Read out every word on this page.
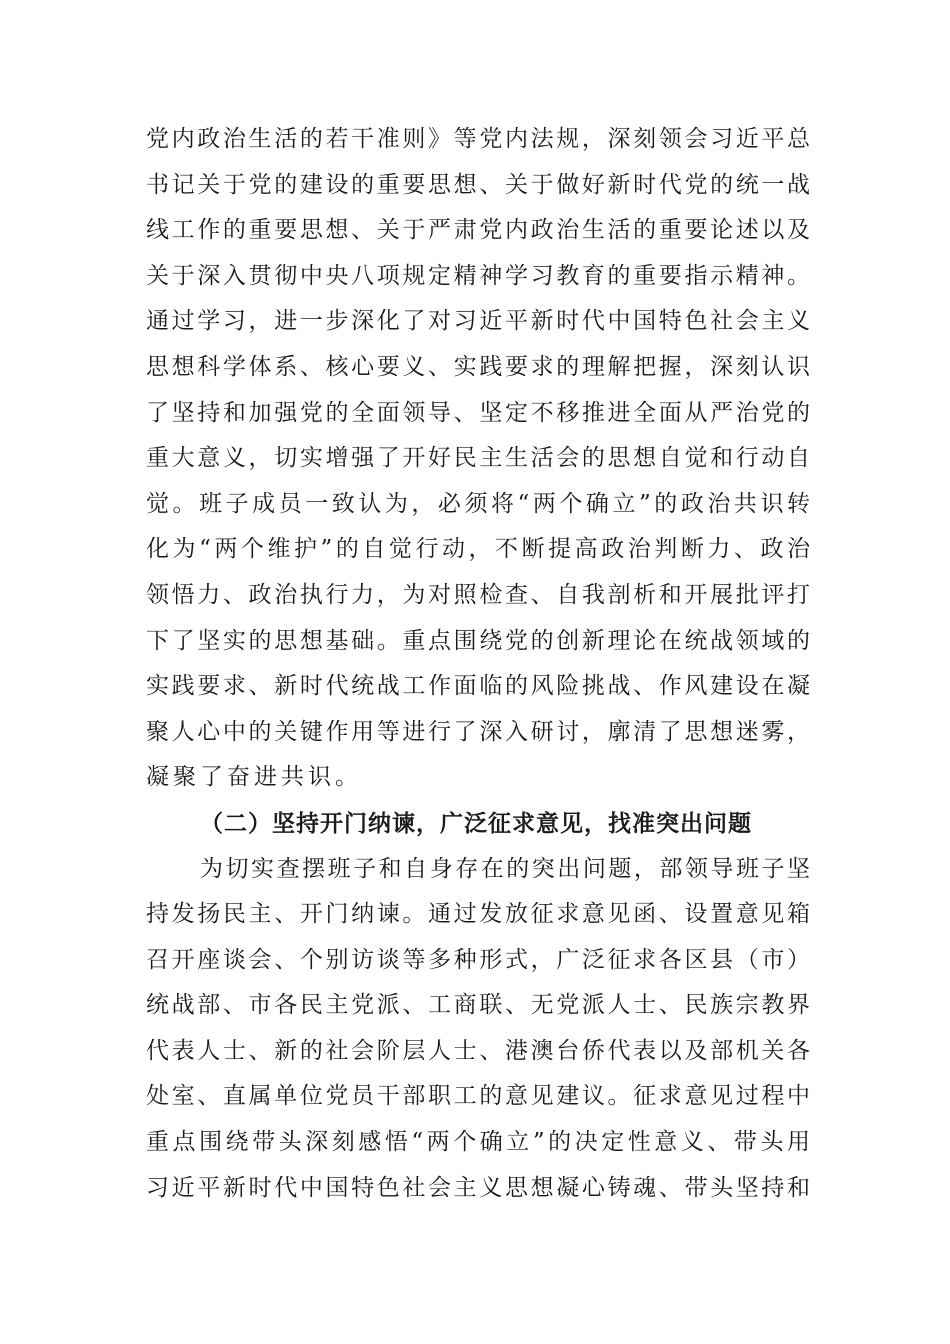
党内政治生活的若干准则》等党内法规，深刻领会习近平总
书记关于党的建设的重要思想、关于做好新时代党的统一战
线工作的重要思想、关于严肃党内政治生活的重要论述以及
关于深入贯彻中央八项规定精神学习教育的重要指示精神。
通过学习，进一步深化了对习近平新时代中国特色社会主义
思想科学体系、核心要义、实践要求的理解把握，深刻认识
了坚持和加强党的全面领导、坚定不移推进全面从严治党的
重大意义，切实增强了开好民主生活会的思想自觉和行动自
觉。班子成员一致认为，必须将“两个确立”的政治共识转
化为“两个维护”的自觉行动，不断提高政治判断力、政治
领悟力、政治执行力，为对照检查、自我剖析和开展批评打
下了坚实的思想基础。重点围绕党的创新理论在统战领域的
实践要求、新时代统战工作面临的风险挑战、作风建设在凝
聚人心中的关键作用等进行了深入研讨，廓清了思想迷雾，
凝聚了奋进共识。
（二）坚持开门纳谏，广泛征求意见，找准突出问题
为切实查摆班子和自身存在的突出问题，部领导班子坚
持发扬民主、开门纳谏。通过发放征求意见函、设置意见箱
召开座谈会、个别访谈等多种形式，广泛征求各区县（市）
统战部、市各民主党派、工商联、无党派人士、民族宗教界
代表人士、新的社会阶层人士、港澳台侨代表以及部机关各
处室、直属单位党员干部职工的意见建议。征求意见过程中
重点围绕带头深刻感悟“两个确立”的决定性意义、带头用
习近平新时代中国特色社会主义思想凝心铸魂、带头坚持和
